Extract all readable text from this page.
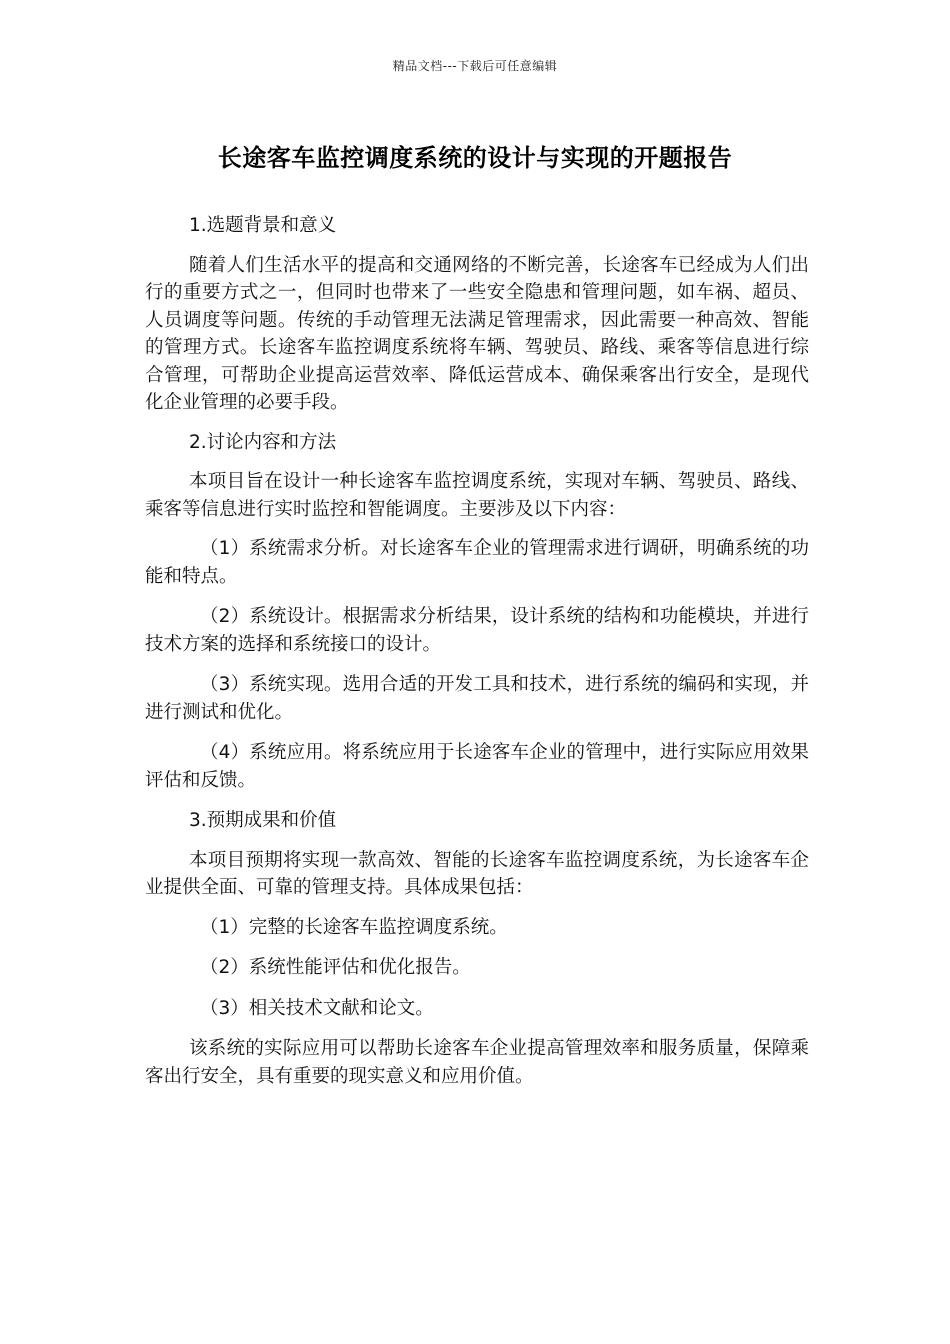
精品文档---下载后可任意编辑
长途客车监控调度系统的设计与实现的开题报告

1.选题背景和意义

随着人们生活水平的提高和交通网络的不断完善，长途客车已经成为人们出行的重要方式之一，但同时也带来了一些安全隐患和管理问题，如车祸、超员、人员调度等问题。传统的手动管理无法满足管理需求，因此需要一种高效、智能的管理方式。长途客车监控调度系统将车辆、驾驶员、路线、乘客等信息进行综合管理，可帮助企业提高运营效率、降低运营成本、确保乘客出行安全，是现代化企业管理的必要手段。

2.讨论内容和方法

本项目旨在设计一种长途客车监控调度系统，实现对车辆、驾驶员、路线、乘客等信息进行实时监控和智能调度。主要涉及以下内容：

（1）系统需求分析。对长途客车企业的管理需求进行调研，明确系统的功能和特点。

（2）系统设计。根据需求分析结果，设计系统的结构和功能模块，并进行技术方案的选择和系统接口的设计。

（3）系统实现。选用合适的开发工具和技术，进行系统的编码和实现，并进行测试和优化。

（4）系统应用。将系统应用于长途客车企业的管理中，进行实际应用效果评估和反馈。

3.预期成果和价值

本项目预期将实现一款高效、智能的长途客车监控调度系统，为长途客车企业提供全面、可靠的管理支持。具体成果包括：

（1）完整的长途客车监控调度系统。

（2）系统性能评估和优化报告。

（3）相关技术文献和论文。

该系统的实际应用可以帮助长途客车企业提高管理效率和服务质量，保障乘客出行安全，具有重要的现实意义和应用价值。
